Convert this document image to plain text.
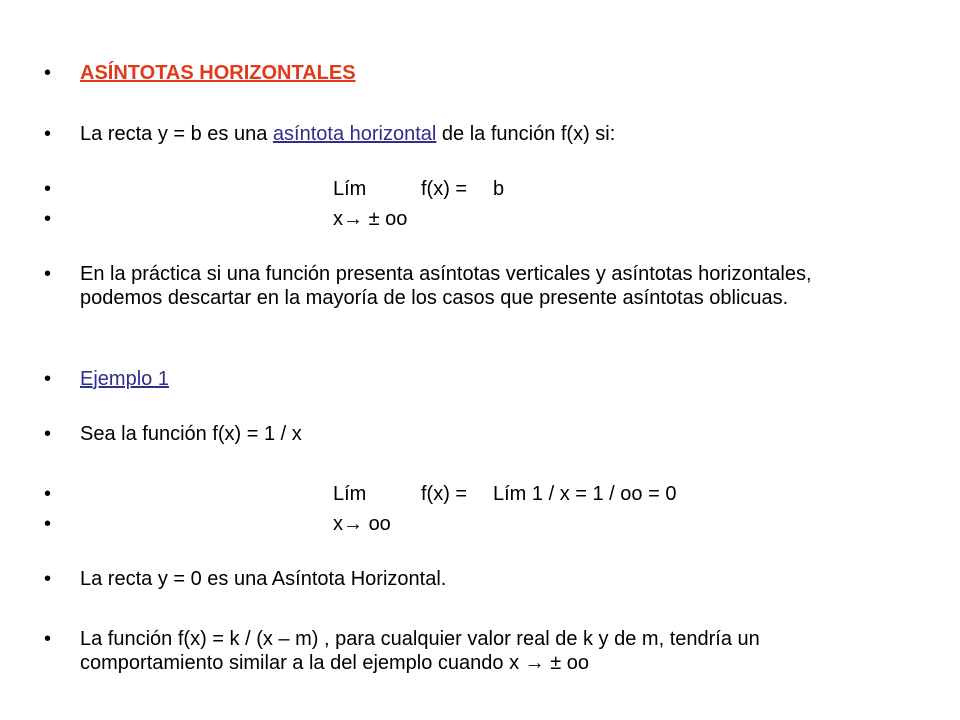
• ASÍNTOTAS HORIZONTALES
• La recta y = b es una asíntota horizontal de la función f(x) si:
•	Lím	f(x) = b
•	x→ ± oo
• En la práctica si una función presenta asíntotas verticales y asíntotas horizontales, podemos descartar en la mayoría de los casos que presente asíntotas oblicuas.
• Ejemplo 1
• Sea la función f(x) = 1 / x
•	Lím	f(x) = Lím 1 / x = 1 / oo = 0
•	x→ oo
• La recta y = 0 es una Asíntota Horizontal.
• La función f(x) = k / (x – m) , para cualquier valor real de k y de m, tendría un comportamiento similar a la del ejemplo cuando x → ± oo
